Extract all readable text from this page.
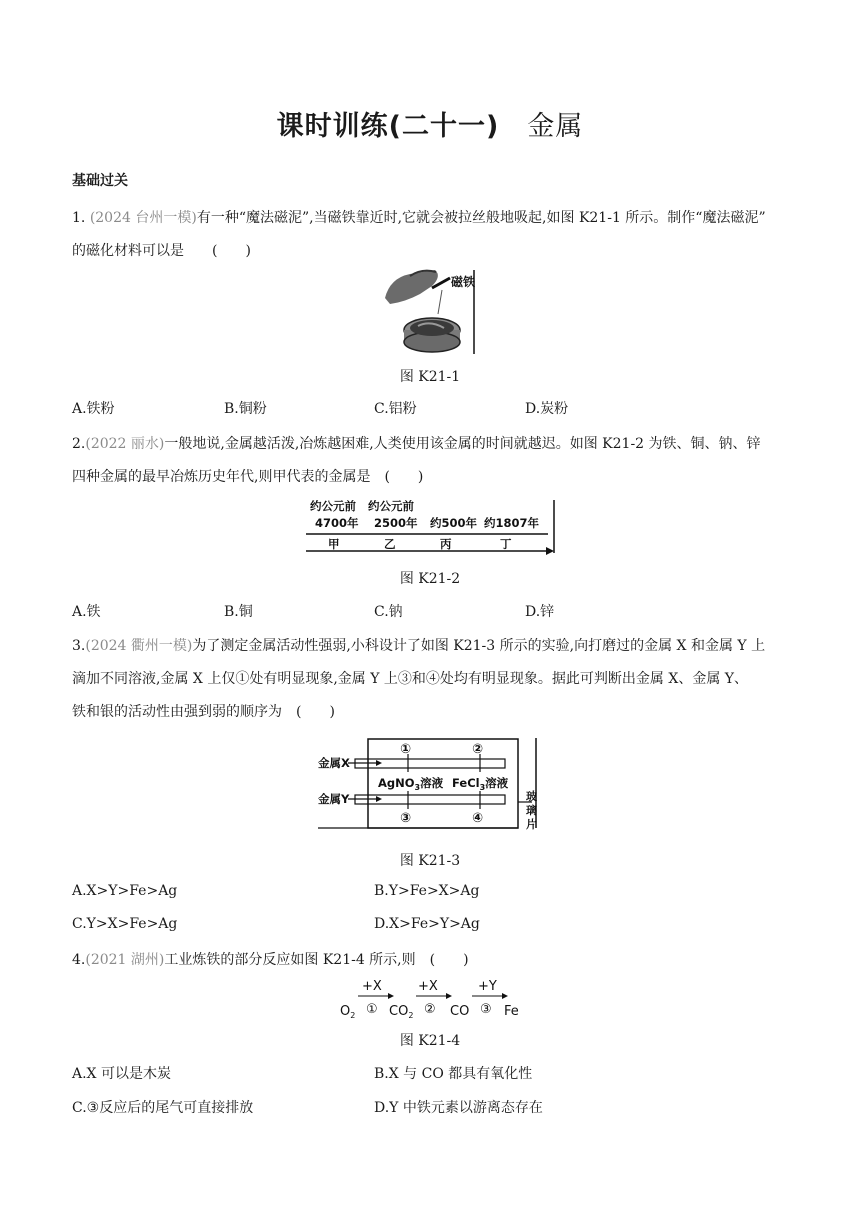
课时训练(二十一) 金属
基础过关
1. (2024 台州一模)有一种“魔法磁泥”,当磁铁靠近时,它就会被拉丝般地吸起,如图 K21-1 所示。制作“魔法磁泥”
的磁化材料可以是　　(　　)
磁铁
图 K21-1
A.铁粉	B.铜粉	C.铝粉	D.炭粉
2.(2022 丽水)一般地说,金属越活泼,冶炼越困难,人类使用该金属的时间就越迟。如图 K21-2 为铁、铜、钠、锌
四种金属的最早冶炼历史年代,则甲代表的金属是　(　　)
约公元前 约公元前
4700年 2500年 约500年 约1807年
甲	乙	丙	丁
图 K21-2
A.铁	B.铜	C.钠	D.锌
3.(2024 衢州一模)为了测定金属活动性强弱,小科设计了如图 K21-3 所示的实验,向打磨过的金属 X 和金属 Y 上
滴加不同溶液,金属 X 上仅①处有明显现象,金属 Y 上③和④处均有明显现象。据此可判断出金属 X、金属 Y、
铁和银的活动性由强到弱的顺序为　(　　)
金属X
金属Y
①	②
③	④
AgNO$_3$溶液 FeCl$_3$溶液
玻
璃
片
图 K21-3
A.X>Y>Fe>Ag	B.Y>Fe>X>Ag
C.Y>X>Fe>Ag	D.X>Fe>Y>Ag
4.(2021 湖州)工业炼铁的部分反应如图 K21-4 所示,则　(　　)
+X	+X	+Y
$O_2$	$CO_2$	CO	Fe
①	②	③
图 K21-4
A.X 可以是木炭	B.X 与 CO 都具有氧化性
C.③反应后的尾气可直接排放	D.Y 中铁元素以游离态存在
